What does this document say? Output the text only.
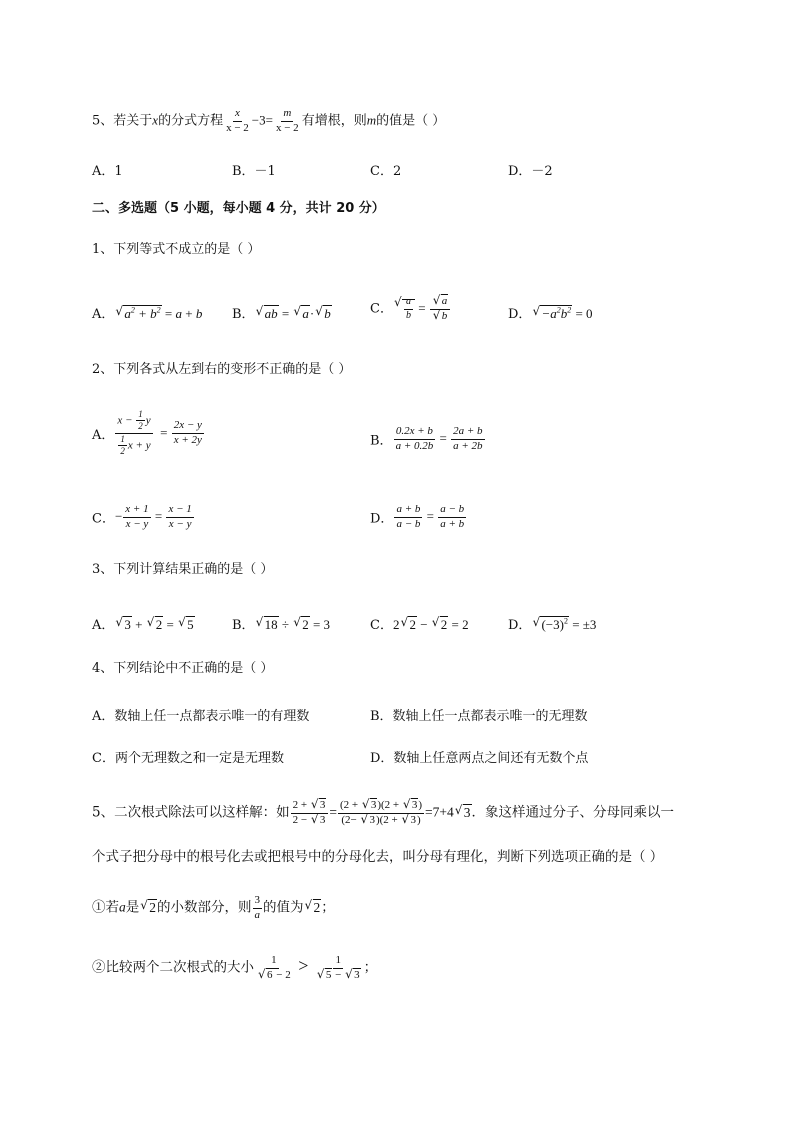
5、若关于x的分式方程 $\frac{x}{x - 2} -3= \frac{m}{x - 2}$ 有增根，则m的值是（ ）
A．1	B．－1	C．2	D．－2
二、多选题（5 小题，每小题 4 分，共计 20 分）
1、下列等式不成立的是（ ）
A．√ $a^2 + b^2 = a + b$ B．√ ab = √ a·√ b	C．
√ $\frac{a}{b}$ =
√ a
√ b	D．√ $-a^2b^2 = 0$
2、下列各式从左到右的变形不正确的是（ ）
A． $\frac{x - \frac{1}{2} y}{\frac{1}{2} x + y} = \frac{2x - y}{x + 2y}$	B． $\frac{0.2x + b}{a + 0.2b} = \frac{2a + b}{a + 2b}$
C．− $\frac{x + 1}{x - y} = \frac{x - 1}{x - y}$	D． $\frac{a + b}{a - b} = \frac{a - b}{a + b}$
3、下列计算结果正确的是（ ）
A．√ 3 + √ 2 = √ 5	B．√ 18 ÷ √ 2 = 3	C．2√ 2 − √ 2 = 2	D．√ $(-3)^2 = \pm 3$
4、下列结论中不正确的是（ ）
A．数轴上任一点都表示唯一的有理数	B．数轴上任一点都表示唯一的无理数
C．两个无理数之和一定是无理数	D．数轴上任意两点之间还有无数个点
5、二次根式除法可以这样解：如 $\frac{2 + √ 3}{2 - √ 3} = \frac{(2 + √ 3)(2 + √ 3)}{(2- √ 3)(2 + √ 3)} =7+4√$ 3．象这样通过分子、分母同乘以一
个式子把分母中的根号化去或把根号中的分母化去，叫分母有理化，判断下列选项正确的是（ ）
①若a是√ 2的小数部分，则 $\frac{3}{a}$ 的值为√ 2；
②比较两个二次根式的大小 1
√ 6 − 2 > 1
√ 5 − √ 3 ；
